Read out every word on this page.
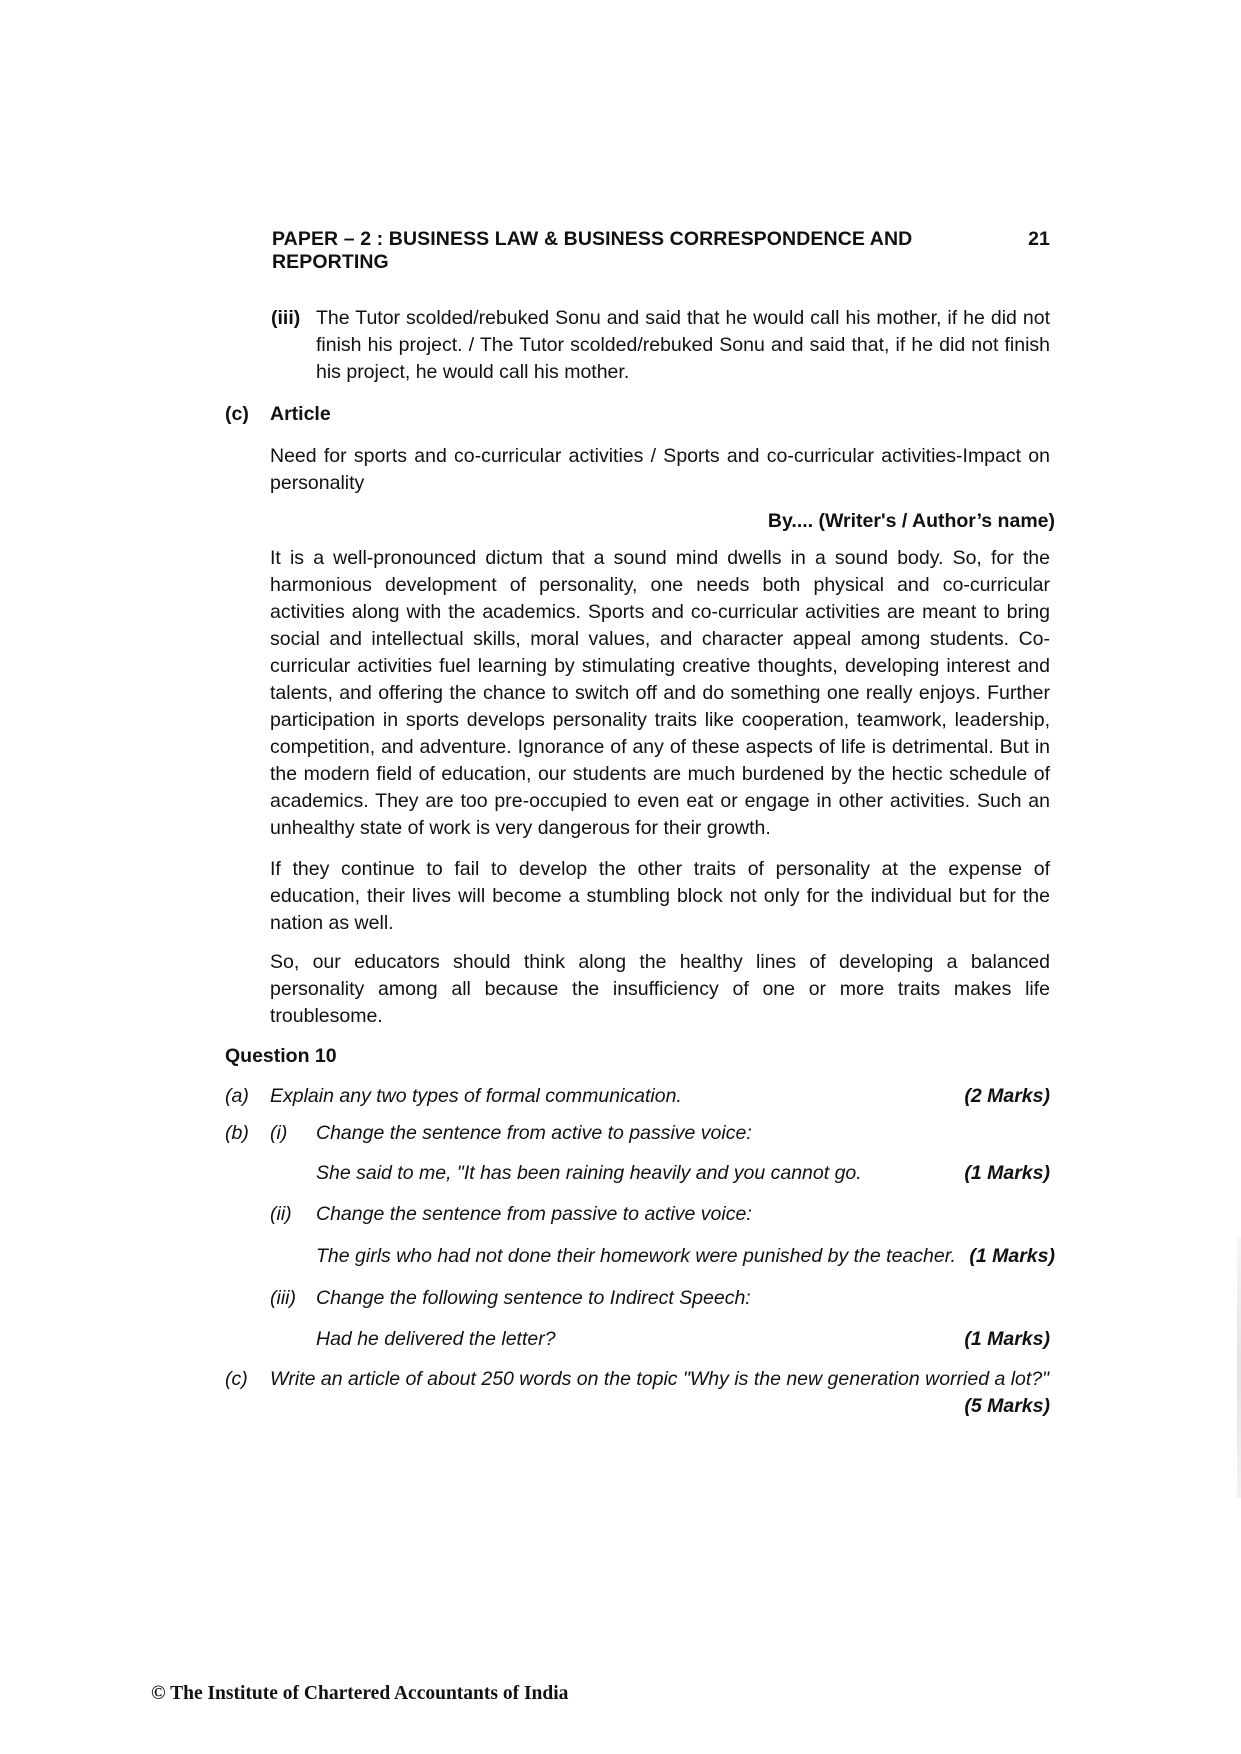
PAPER – 2 : BUSINESS LAW & BUSINESS CORRESPONDENCE AND REPORTING
21
(iii) The Tutor scolded/rebuked Sonu and said that he would call his mother, if he did not finish his project. / The Tutor scolded/rebuked Sonu and said that, if he did not finish his project, he would call his mother.
(c) Article
Need for sports and co-curricular activities / Sports and co-curricular activities-Impact on personality
By.... (Writer's / Author’s name)
It is a well-pronounced dictum that a sound mind dwells in a sound body. So, for the harmonious development of personality, one needs both physical and co-curricular activities along with the academics. Sports and co-curricular activities are meant to bring social and intellectual skills, moral values, and character appeal among students. Co-curricular activities fuel learning by stimulating creative thoughts, developing interest and talents, and offering the chance to switch off and do something one really enjoys. Further participation in sports develops personality traits like cooperation, teamwork, leadership, competition, and adventure. Ignorance of any of these aspects of life is detrimental. But in the modern field of education, our students are much burdened by the hectic schedule of academics. They are too pre-occupied to even eat or engage in other activities. Such an unhealthy state of work is very dangerous for their growth.
If they continue to fail to develop the other traits of personality at the expense of education, their lives will become a stumbling block not only for the individual but for the nation as well.
So, our educators should think along the healthy lines of developing a balanced personality among all because the insufficiency of one or more traits makes life troublesome.
Question 10
(a) Explain any two types of formal communication.	(2 Marks)
(b) (i) Change the sentence from active to passive voice:
She said to me, "It has been raining heavily and you cannot go.	(1 Marks)
(ii) Change the sentence from passive to active voice:
The girls who had not done their homework were punished by the teacher. (1 Marks)
(iii) Change the following sentence to Indirect Speech:
Had he delivered the letter?	(1 Marks)
(c) Write an article of about 250 words on the topic "Why is the new generation worried a lot?"
(5 Marks)
© The Institute of Chartered Accountants of India
